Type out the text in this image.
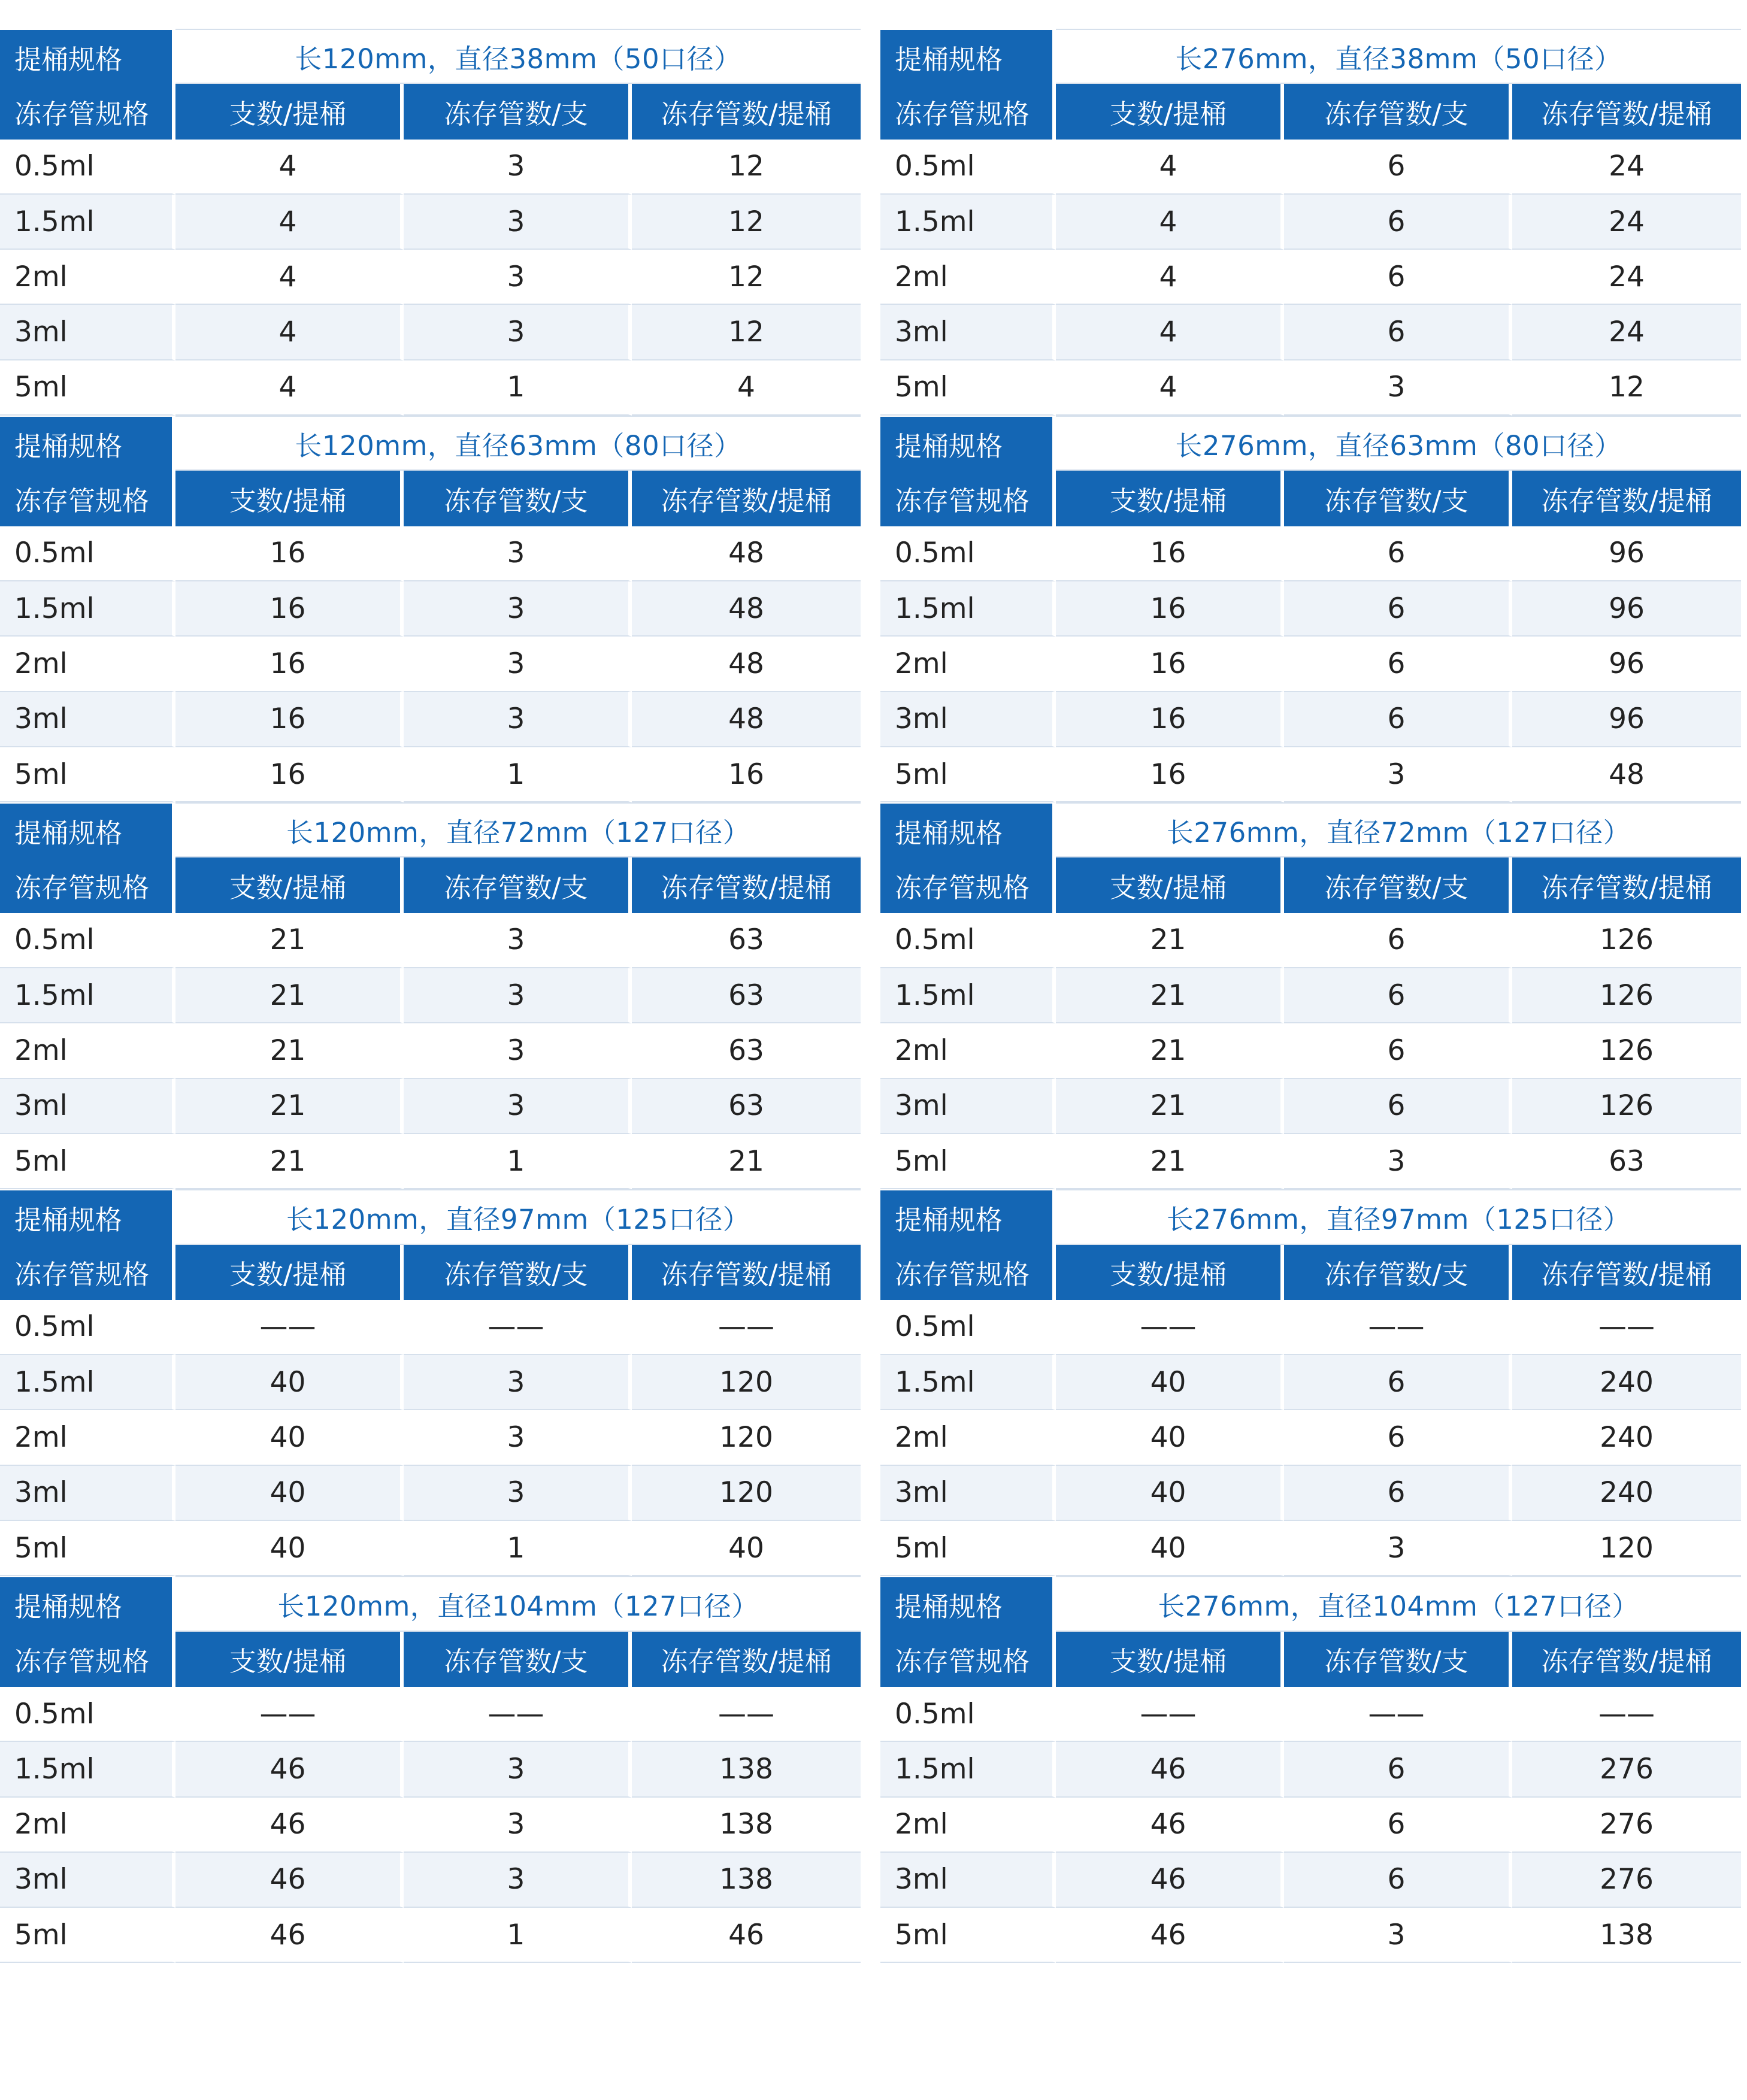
提桶规格	长120mm，直径38mm（50口径）		
冻存管规格	支数/提桶	冻存管数/支	冻存管数/提桶
0.5ml	4	3	12
1.5ml	4	3	12
2ml	4	3	12
3ml	4	3	12
5ml	4	1	4
提桶规格	长120mm，直径63mm（80口径）		
冻存管规格	支数/提桶	冻存管数/支	冻存管数/提桶
0.5ml	16	3	48
1.5ml	16	3	48
2ml	16	3	48
3ml	16	3	48
5ml	16	1	16
提桶规格	长120mm，直径72mm（127口径）		
冻存管规格	支数/提桶	冻存管数/支	冻存管数/提桶
0.5ml	21	3	63
1.5ml	21	3	63
2ml	21	3	63
3ml	21	3	63
5ml	21	1	21
提桶规格	长120mm，直径97mm（125口径）		
冻存管规格	支数/提桶	冻存管数/支	冻存管数/提桶
0.5ml	——	——	——
1.5ml	40	3	120
2ml	40	3	120
3ml	40	3	120
5ml	40	1	40
提桶规格	长120mm，直径104mm（127口径）		
冻存管规格	支数/提桶	冻存管数/支	冻存管数/提桶
0.5ml	——	——	——
1.5ml	46	3	138
2ml	46	3	138
3ml	46	3	138
5ml	46	1	46
提桶规格	长276mm，直径38mm（50口径）		
冻存管规格	支数/提桶	冻存管数/支	冻存管数/提桶
0.5ml	4	6	24
1.5ml	4	6	24
2ml	4	6	24
3ml	4	6	24
5ml	4	3	12
提桶规格	长276mm，直径63mm（80口径）		
冻存管规格	支数/提桶	冻存管数/支	冻存管数/提桶
0.5ml	16	6	96
1.5ml	16	6	96
2ml	16	6	96
3ml	16	6	96
5ml	16	3	48
提桶规格	长276mm，直径72mm（127口径）		
冻存管规格	支数/提桶	冻存管数/支	冻存管数/提桶
0.5ml	21	6	126
1.5ml	21	6	126
2ml	21	6	126
3ml	21	6	126
5ml	21	3	63
提桶规格	长276mm，直径97mm（125口径）		
冻存管规格	支数/提桶	冻存管数/支	冻存管数/提桶
0.5ml	——	——	——
1.5ml	40	6	240
2ml	40	6	240
3ml	40	6	240
5ml	40	3	120
提桶规格	长276mm，直径104mm（127口径）		
冻存管规格	支数/提桶	冻存管数/支	冻存管数/提桶
0.5ml	——	——	——
1.5ml	46	6	276
2ml	46	6	276
3ml	46	6	276
5ml	46	3	138
